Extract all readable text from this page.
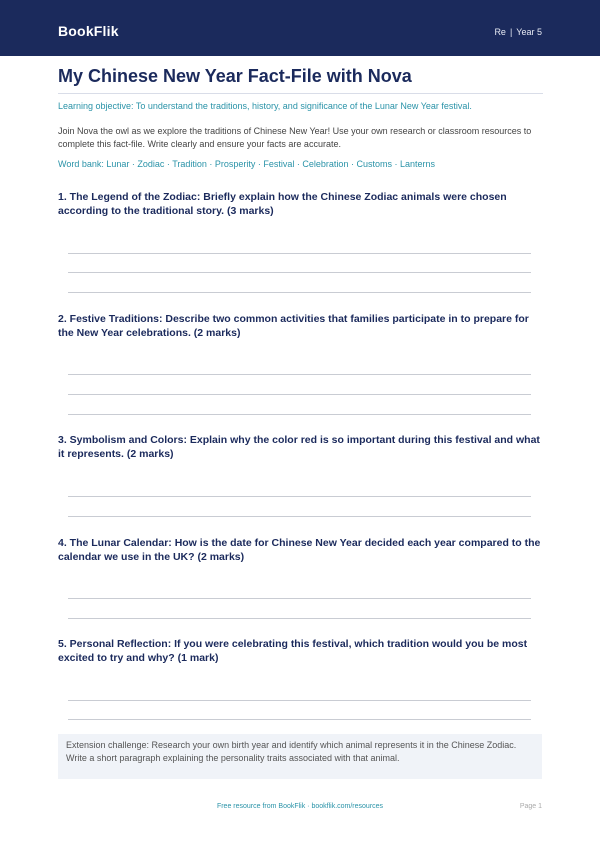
BookFlik	Re | Year 5
My Chinese New Year Fact-File with Nova
Learning objective: To understand the traditions, history, and significance of the Lunar New Year festival.
Join Nova the owl as we explore the traditions of Chinese New Year! Use your own research or classroom resources to complete this fact-file. Write clearly and ensure your facts are accurate.
Word bank: Lunar · Zodiac · Tradition · Prosperity · Festival · Celebration · Customs · Lanterns
1. The Legend of the Zodiac: Briefly explain how the Chinese Zodiac animals were chosen according to the traditional story. (3 marks)
2. Festive Traditions: Describe two common activities that families participate in to prepare for the New Year celebrations. (2 marks)
3. Symbolism and Colors: Explain why the color red is so important during this festival and what it represents. (2 marks)
4. The Lunar Calendar: How is the date for Chinese New Year decided each year compared to the calendar we use in the UK? (2 marks)
5. Personal Reflection: If you were celebrating this festival, which tradition would you be most excited to try and why? (1 mark)
Extension challenge: Research your own birth year and identify which animal represents it in the Chinese Zodiac. Write a short paragraph explaining the personality traits associated with that animal.
Free resource from BookFlik · bookflik.com/resources	Page 1
